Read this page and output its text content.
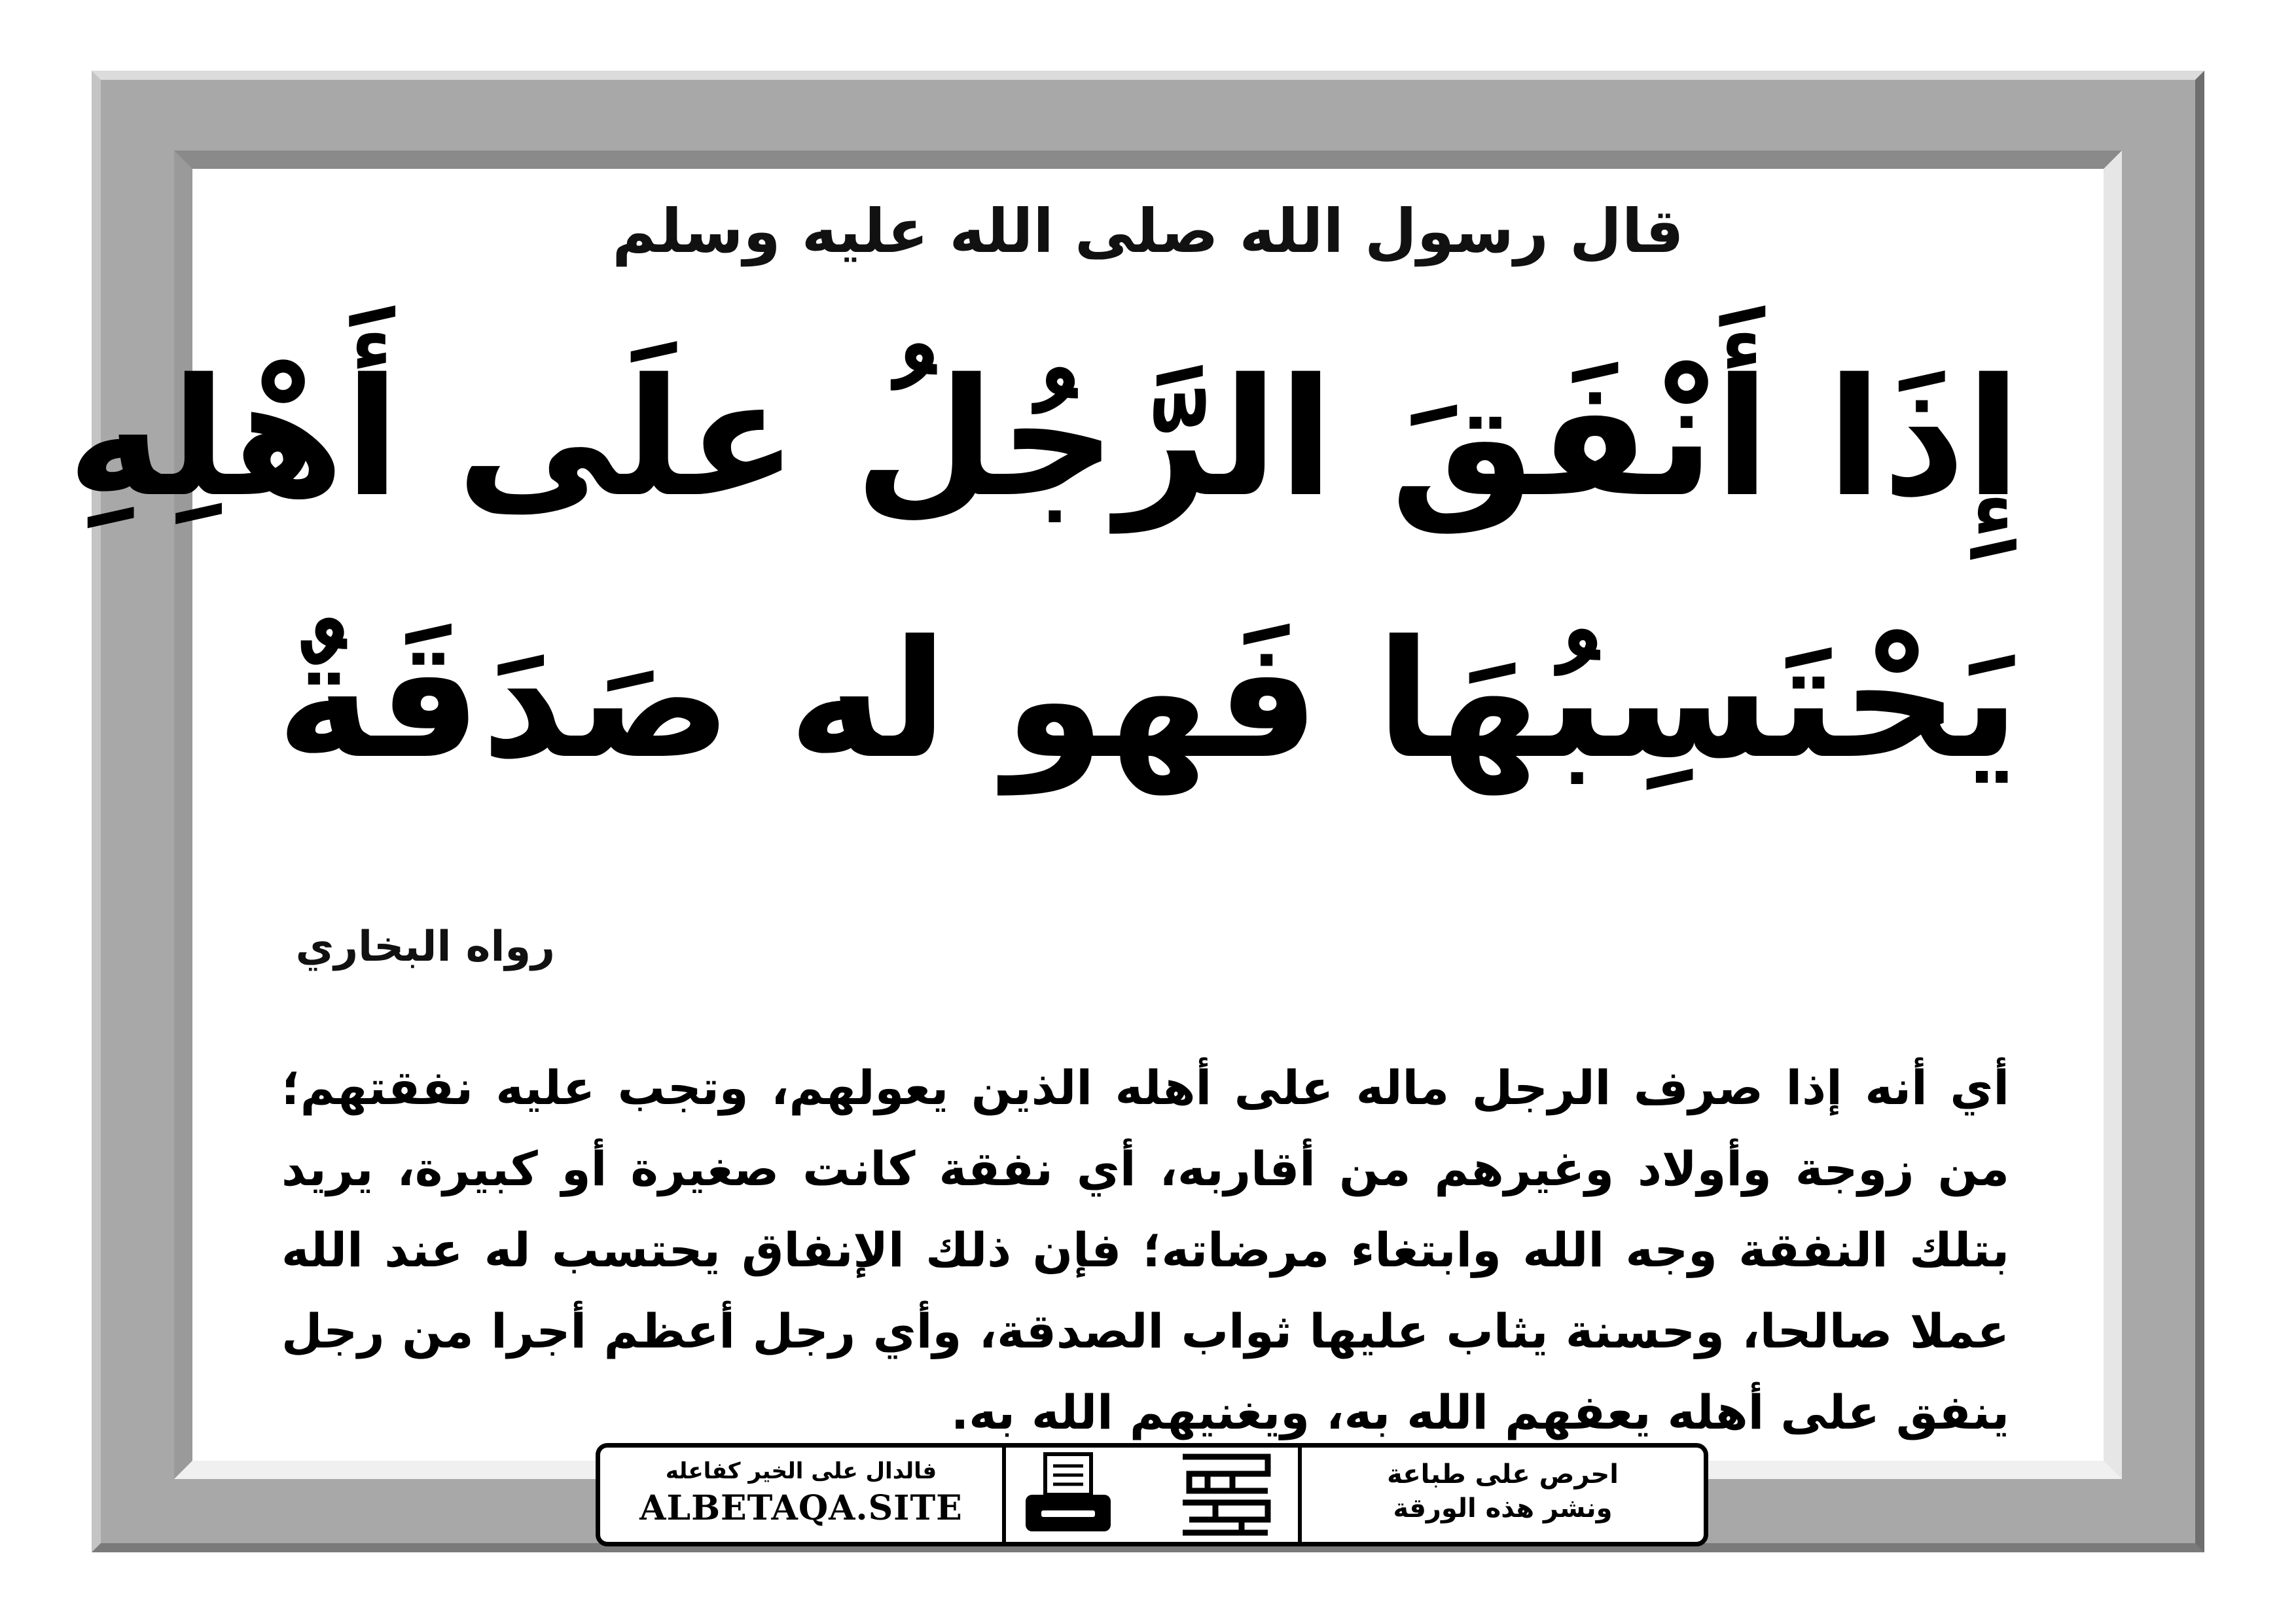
قال رسول الله صلى الله عليه وسلم
إِذَا أَنْفَقَ الرَّجُلُ علَى أَهْلِهِ
يَحْتَسِبُهَا فَهو له صَدَقَةٌ
رواه البخاري
أي أنه إذا صرف الرجل ماله على أهله الذين يعولهم، وتجب عليه نفقتهم؛ من زوجة وأولاد وغيرهم من أقاربه، أي نفقة كانت صغيرة أو كبيرة، يريد بتلك النفقة وجه الله وابتغاء مرضاته؛ فإن ذلك الإنفاق يحتسب له عند الله عملا صالحا، وحسنة يثاب عليها ثواب الصدقة، وأي رجل أعظم أجرا من رجل ينفق على أهله يعفهم الله به، ويغنيهم الله به.
فالدال على الخير كفاعله
ALBETAQA.SITE
احرص على طباعة
ونشر هذه الورقة
